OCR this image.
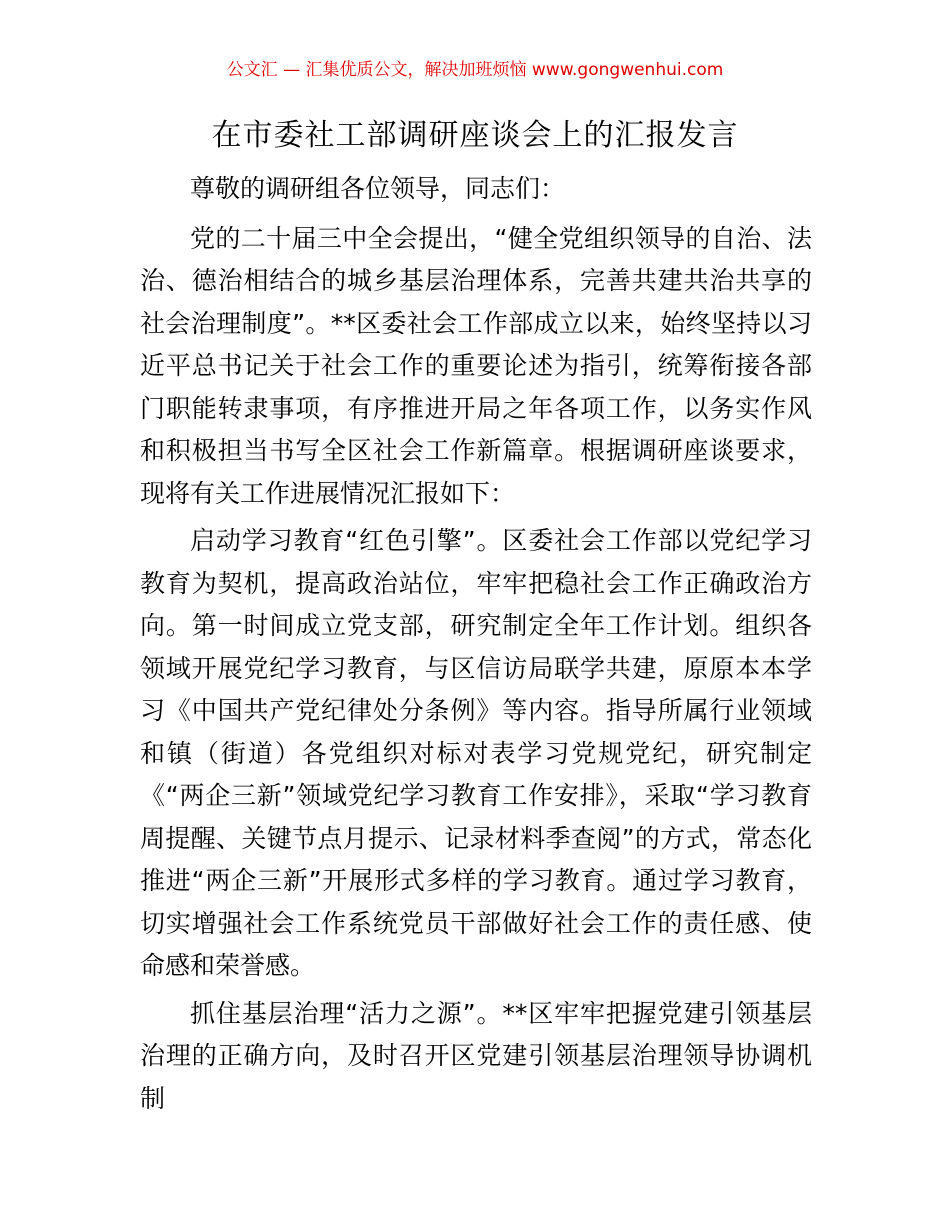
公文汇 — 汇集优质公文，解决加班烦恼 www.gongwenhui.com
在市委社工部调研座谈会上的汇报发言

尊敬的调研组各位领导，同志们：

党的二十届三中全会提出，“健全党组织领导的自治、法治、德治相结合的城乡基层治理体系，完善共建共治共享的社会治理制度”。**区委社会工作部成立以来，始终坚持以习近平总书记关于社会工作的重要论述为指引，统筹衔接各部门职能转隶事项，有序推进开局之年各项工作，以务实作风和积极担当书写全区社会工作新篇章。根据调研座谈要求，现将有关工作进展情况汇报如下：

启动学习教育“红色引擎”。区委社会工作部以党纪学习教育为契机，提高政治站位，牢牢把稳社会工作正确政治方向。第一时间成立党支部，研究制定全年工作计划。组织各领域开展党纪学习教育，与区信访局联学共建，原原本本学习《中国共产党纪律处分条例》等内容。指导所属行业领域和镇（街道）各党组织对标对表学习党规党纪，研究制定《“两企三新”领域党纪学习教育工作安排》，采取“学习教育周提醒、关键节点月提示、记录材料季查阅”的方式，常态化推进“两企三新”开展形式多样的学习教育。通过学习教育，切实增强社会工作系统党员干部做好社会工作的责任感、使命感和荣誉感。

抓住基层治理“活力之源”。**区牢牢把握党建引领基层治理的正确方向，及时召开区党建引领基层治理领导协调机制
